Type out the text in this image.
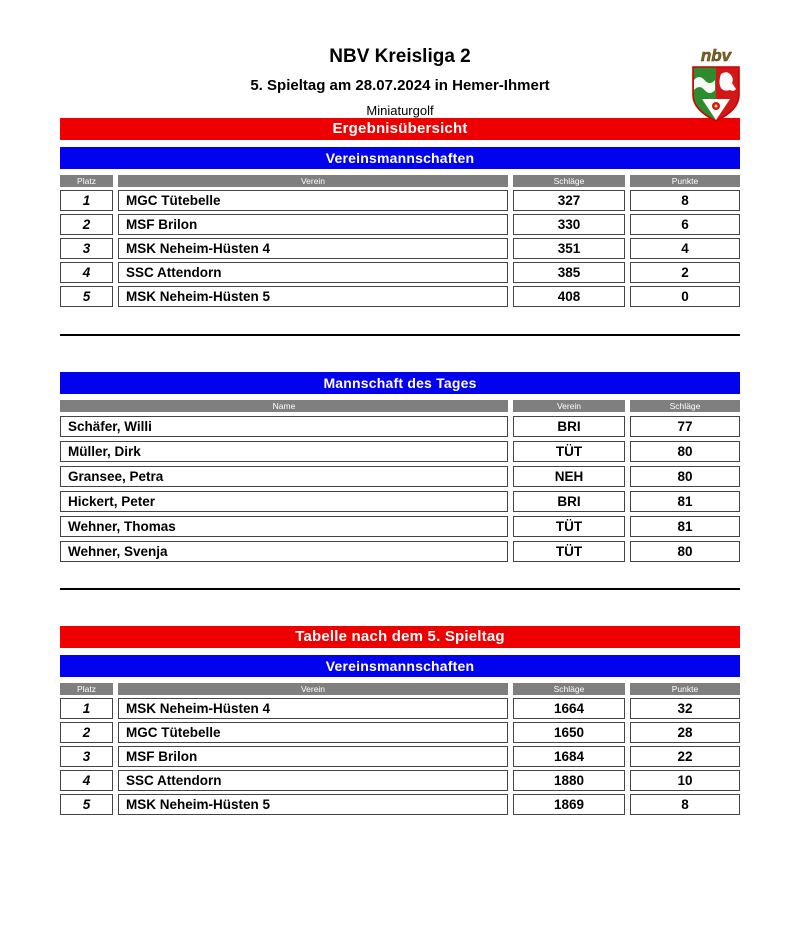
NBV Kreisliga 2
5. Spieltag am 28.07.2024 in Hemer-Ihmert
Miniaturgolf
nbv
Ergebnisübersicht
Vereinsmannschaften
Platz	Verein	Schläge	Punkte
1	MGC Tütebelle	327	8
2	MSF Brilon	330	6
3	MSK Neheim-Hüsten 4	351	4
4	SSC Attendorn	385	2
5	MSK Neheim-Hüsten 5	408	0
Mannschaft des Tages
Name	Verein	Schläge
Schäfer, Willi	BRI	77
Müller, Dirk	TÜT	80
Gransee, Petra	NEH	80
Hickert, Peter	BRI	81
Wehner, Thomas	TÜT	81
Wehner, Svenja	TÜT	80
Tabelle nach dem 5. Spieltag
Vereinsmannschaften
Platz	Verein	Schläge	Punkte
1	MSK Neheim-Hüsten 4	1664	32
2	MGC Tütebelle	1650	28
3	MSF Brilon	1684	22
4	SSC Attendorn	1880	10
5	MSK Neheim-Hüsten 5	1869	8
